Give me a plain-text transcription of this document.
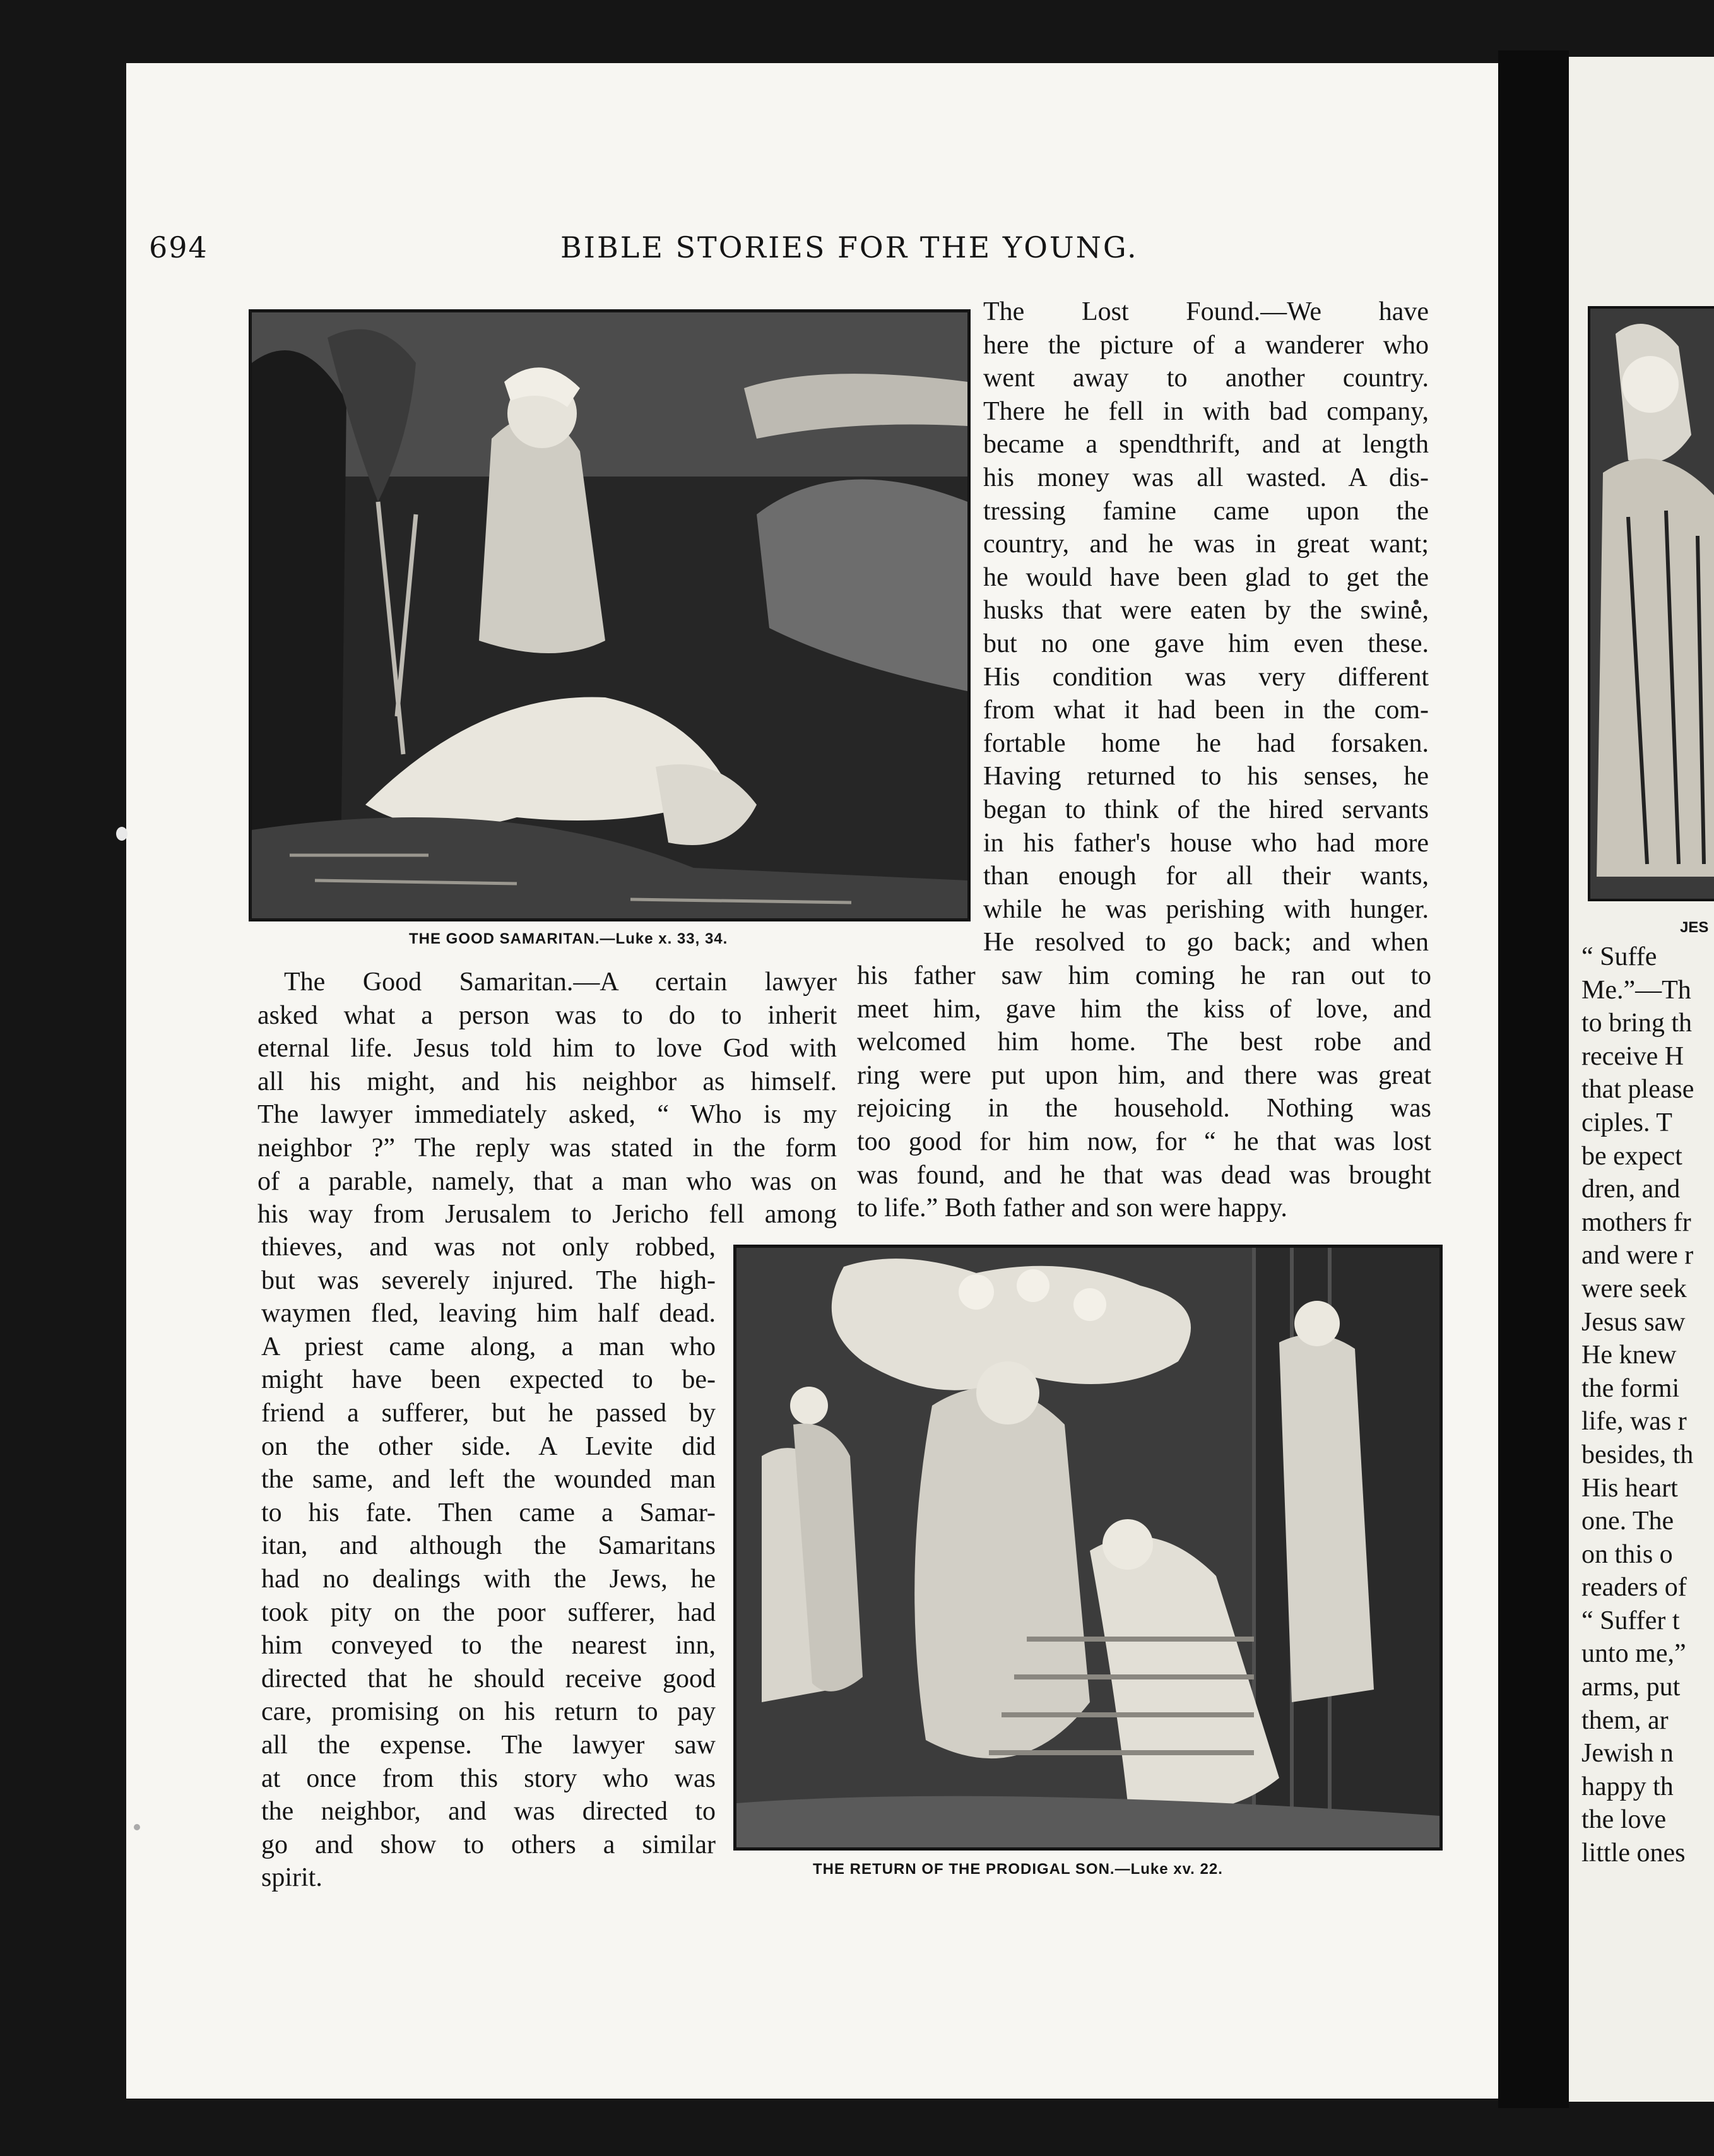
694	BIBLE STORIES FOR THE YOUNG.
THE GOOD SAMARITAN.—Luke x. 33, 34.
The Lost Found.—We have
here the picture of a wanderer who
went away to another country.
There he fell in with bad company,
became a spendthrift, and at length
his money was all wasted. A dis-
tressing famine came upon the
country, and he was in great want;
he would have been glad to get the
husks that were eaten by the swine,
but no one gave him even these.
His condition was very different
from what it had been in the com-
fortable home he had forsaken.
Having returned to his senses, he
began to think of the hired servants
in his father's house who had more
than enough for all their wants,
while he was perishing with hunger.
He resolved to go back; and when
his father saw him coming he ran out to
meet him, gave him the kiss of love, and
welcomed him home. The best robe and
ring were put upon him, and there was great
rejoicing in the household. Nothing was
too good for him now, for “ he that was lost
was found, and he that was dead was brought
to life.” Both father and son were happy.
The Good Samaritan.—A certain lawyer
asked what a person was to do to inherit
eternal life. Jesus told him to love God with
all his might, and his neighbor as himself.
The lawyer immediately asked, “ Who is my
neighbor ?” The reply was stated in the form
of a parable, namely, that a man who was on
his way from Jerusalem to Jericho fell among
thieves, and was not only robbed,
but was severely injured. The high-
waymen fled, leaving him half dead.
A priest came along, a man who
might have been expected to be-
friend a sufferer, but he passed by
on the other side. A Levite did
the same, and left the wounded man
to his fate. Then came a Samar-
itan, and although the Samaritans
had no dealings with the Jews, he
took pity on the poor sufferer, had
him conveyed to the nearest inn,
directed that he should receive good
care, promising on his return to pay
all the expense. The lawyer saw
at once from this story who was
the neighbor, and was directed to
go and show to others a similar
spirit.	THE RETURN OF THE PRODIGAL SON.—Luke xv. 22.
JES
“ Suffe
Me.”—Th
to bring th
receive H
that please
ciples. T
be expect
dren, and
mothers fr
and were r
were seek
Jesus saw
He knew
the formi
life, was r
besides, th
His heart
one. The
on this o
readers of
“ Suffer t
unto me,”
arms, put
them, ar
Jewish n
happy th
the love
little ones
